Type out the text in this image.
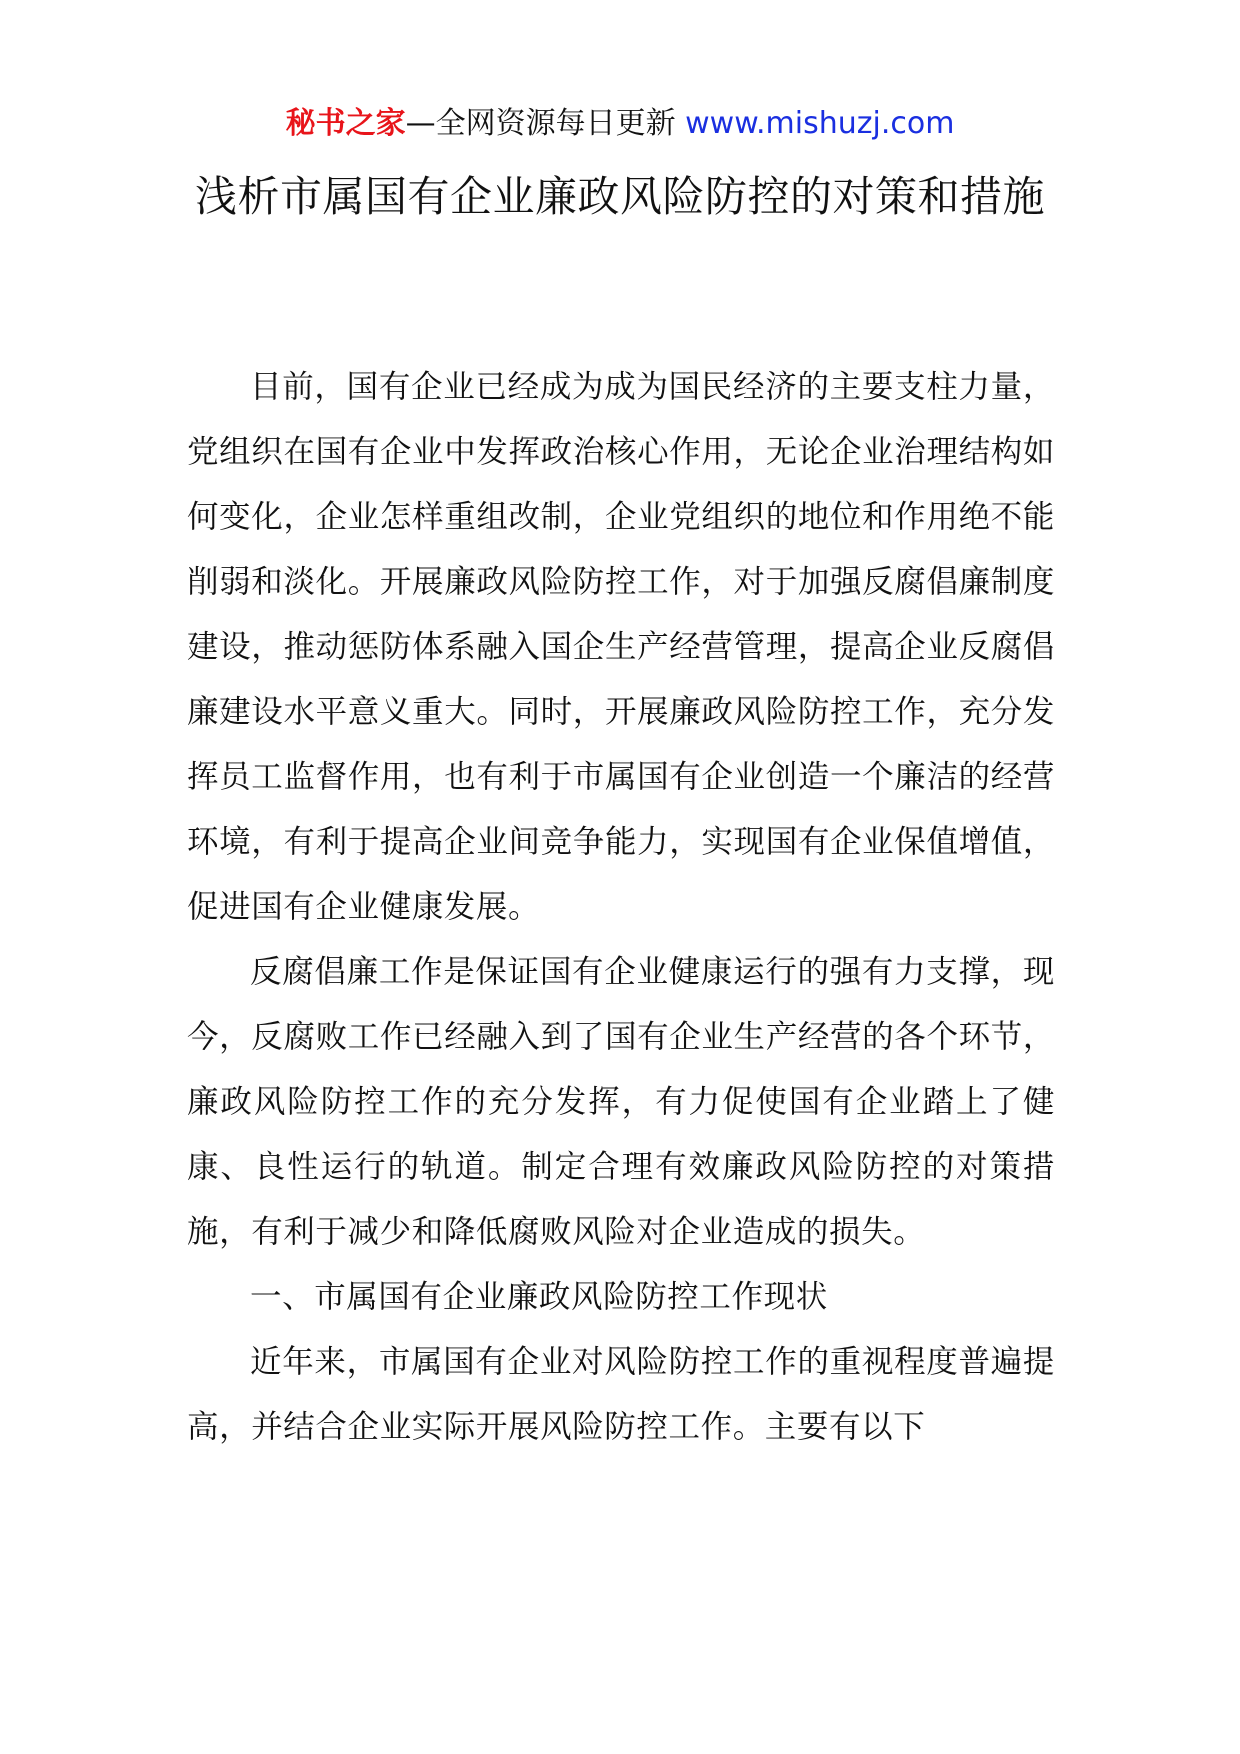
秘书之家—全网资源每日更新 www.mishuzj.com
浅析市属国有企业廉政风险防控的对策和措施

目前，国有企业已经成为成为国民经济的主要支柱力量，党组织在国有企业中发挥政治核心作用，无论企业治理结构如何变化，企业怎样重组改制，企业党组织的地位和作用绝不能削弱和淡化。开展廉政风险防控工作，对于加强反腐倡廉制度建设，推动惩防体系融入国企生产经营管理，提高企业反腐倡廉建设水平意义重大。同时，开展廉政风险防控工作，充分发挥员工监督作用，也有利于市属国有企业创造一个廉洁的经营环境，有利于提高企业间竞争能力，实现国有企业保值增值，促进国有企业健康发展。

反腐倡廉工作是保证国有企业健康运行的强有力支撑，现今，反腐败工作已经融入到了国有企业生产经营的各个环节，廉政风险防控工作的充分发挥，有力促使国有企业踏上了健康、良性运行的轨道。制定合理有效廉政风险防控的对策措施，有利于减少和降低腐败风险对企业造成的损失。

一、市属国有企业廉政风险防控工作现状

近年来，市属国有企业对风险防控工作的重视程度普遍提高，并结合企业实际开展风险防控工作。主要有以下
